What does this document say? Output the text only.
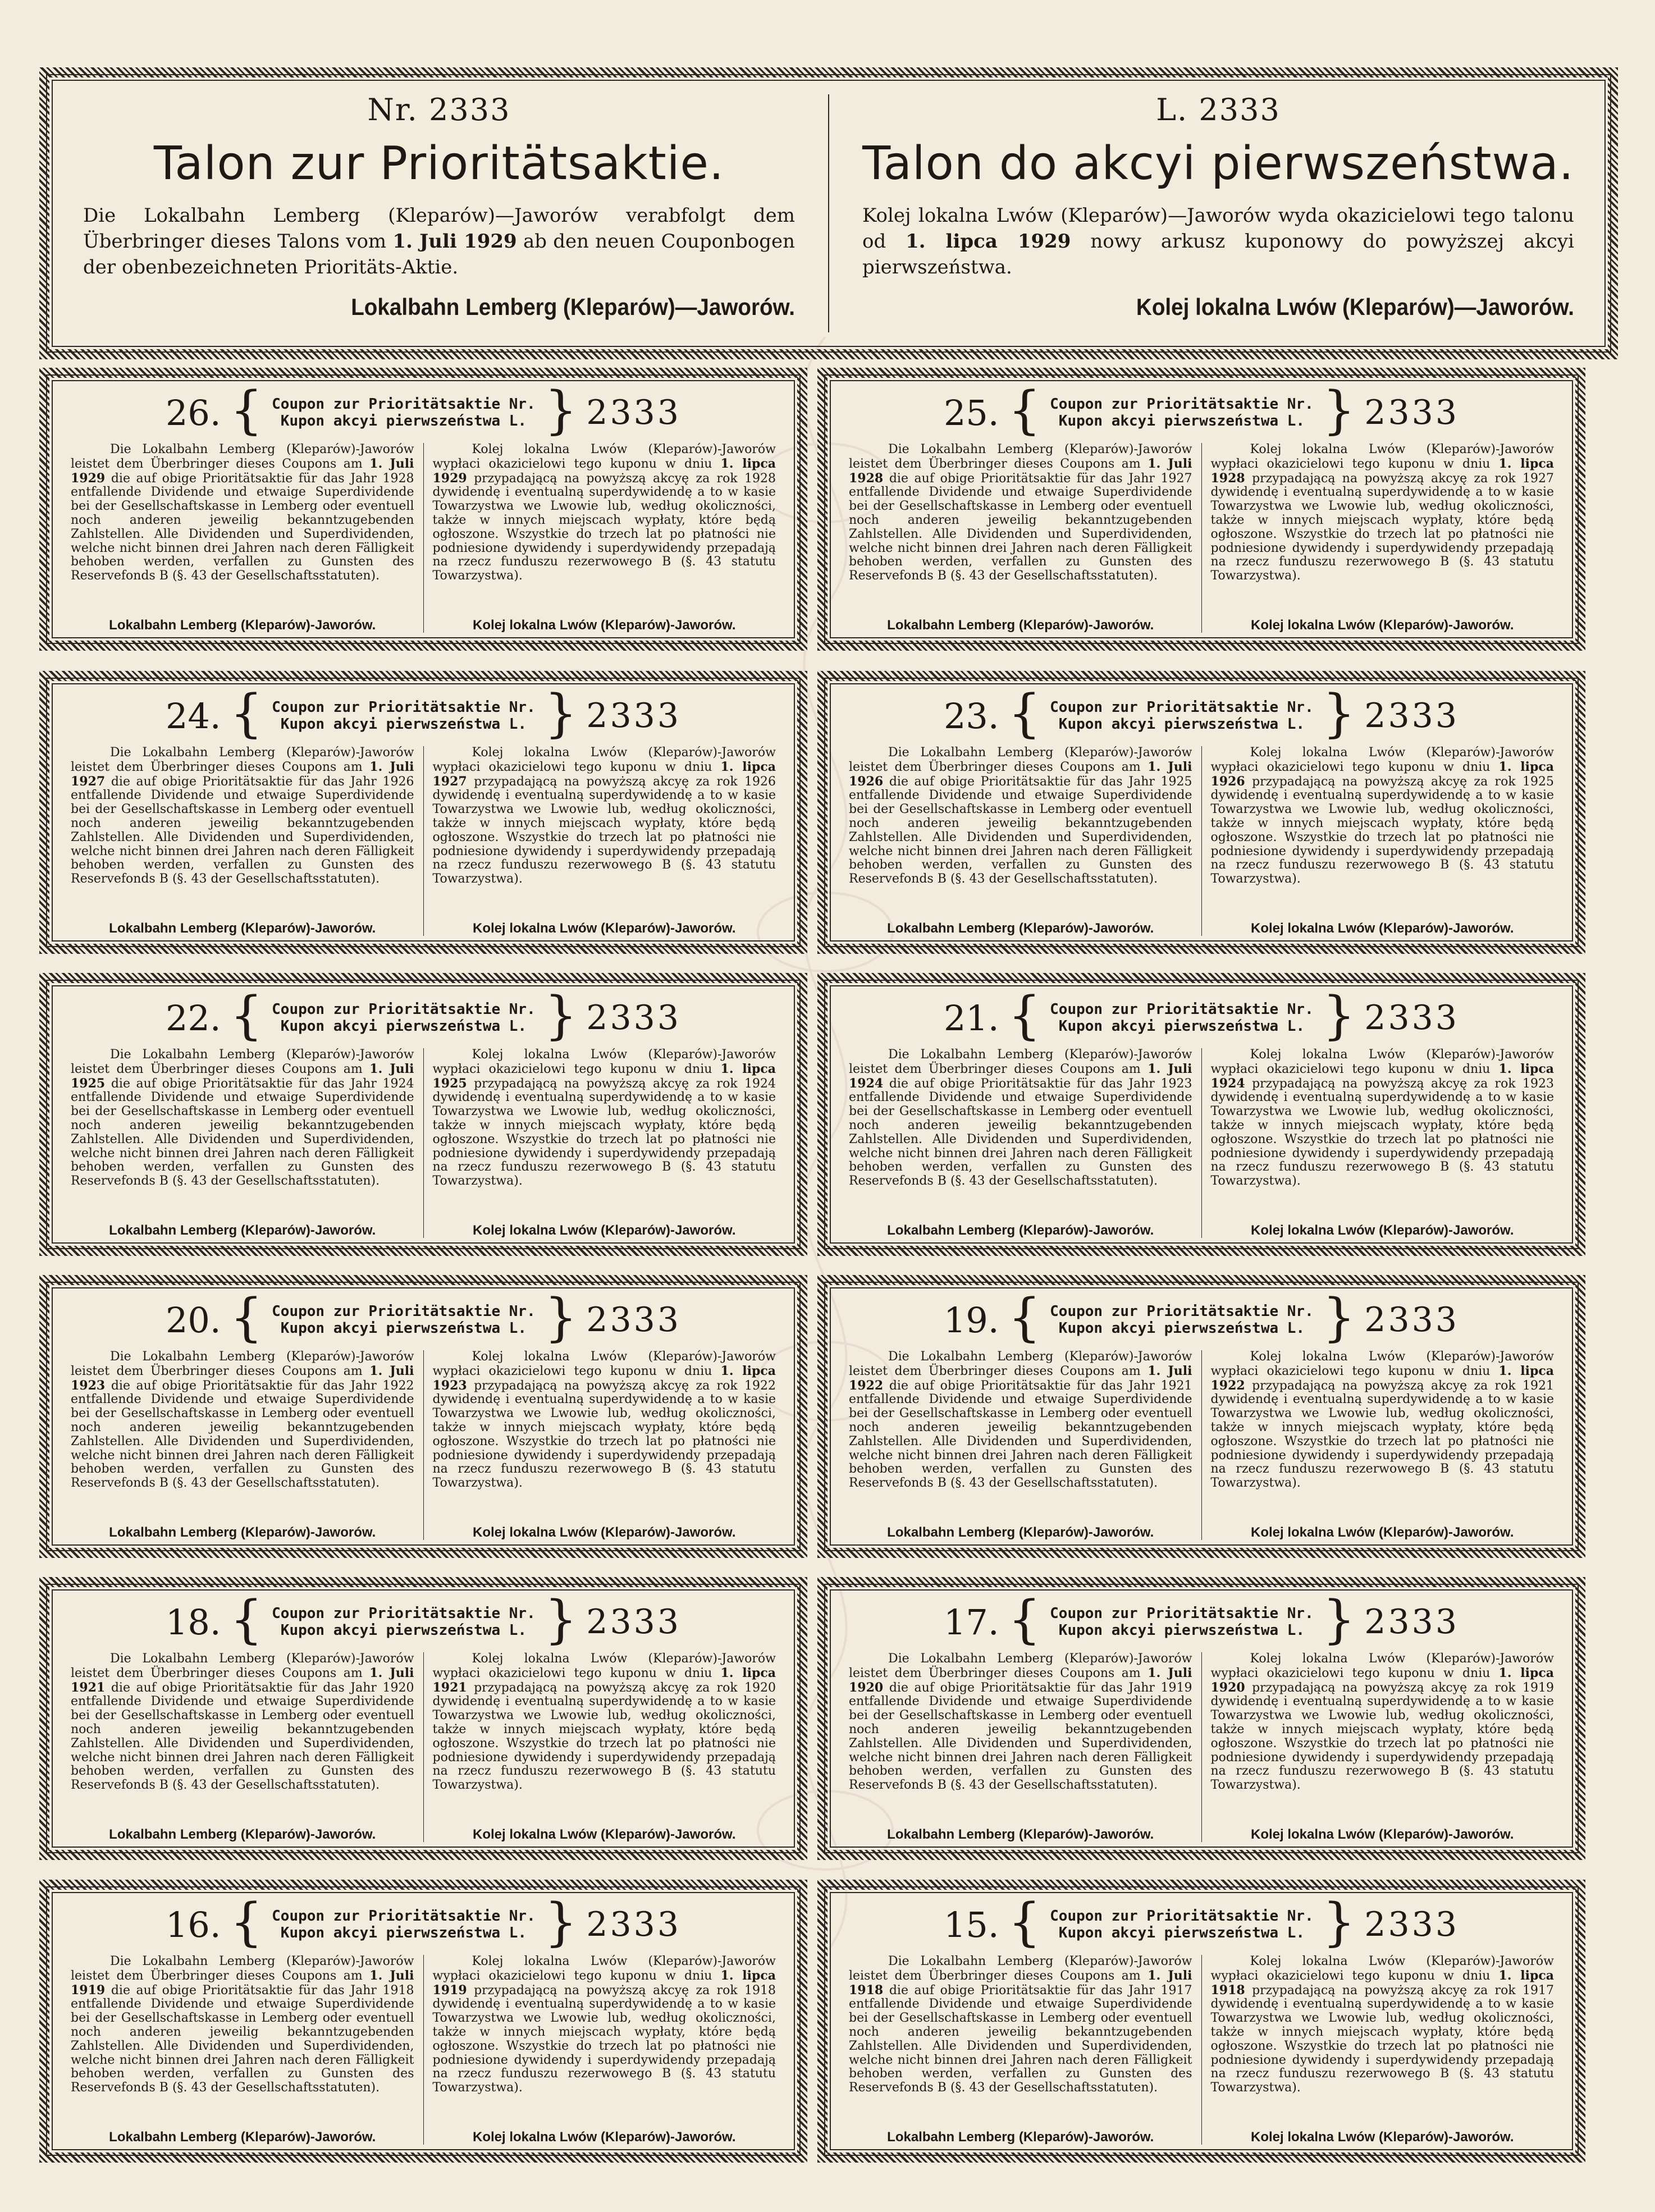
Nr. 2333
Talon zur Prioritätsaktie.
Die Lokalbahn Lemberg (Kleparów)—Jaworów verabfolgt dem Überbringer dieses Talons vom 1. Juli 1929 ab den neuen Couponbogen der obenbezeichneten Prioritäts-Aktie.
Lokalbahn Lemberg (Kleparów)—Jaworów.
L. 2333
Talon do akcyi pierwszeństwa.
Kolej lokalna Lwów (Kleparów)—Jaworów wyda okazicielowi tego talonu od 1. lipca 1929 nowy arkusz kuponowy do powyższej akcyi pierwszeństwa.
Kolej lokalna Lwów (Kleparów)—Jaworów.
26. { Coupon zur Prioritätsaktie Nr.
Kupon akcyi pierwszeństwa L. } 2333

Die Lokalbahn Lemberg (Kleparów)-Jaworów leistet dem Überbringer dieses Coupons am 1. Juli 1929 die auf obige Prioritätsaktie für das Jahr 1928 entfallende Dividende und etwaige Superdividende bei der Gesellschaftskasse in Lemberg oder eventuell noch anderen jeweilig bekanntzugebenden Zahlstellen. Alle Dividenden und Superdividenden, welche nicht binnen drei Jahren nach deren Fälligkeit behoben werden, verfallen zu Gunsten des Reservefonds B (§. 43 der Gesellschaftsstatuten).

Lokalbahn Lemberg (Kleparów)-Jaworów.

Kolej lokalna Lwów (Kleparów)-Jaworów wypłaci okazicielowi tego kuponu w dniu 1. lipca 1929 przypadającą na powyższą akcyę za rok 1928 dywidendę i eventualną superdywidendę a to w kasie Towarzystwa we Lwowie lub, według okoliczności, także w innych miejscach wypłaty, które będą ogłoszone. Wszystkie do trzech lat po płatności nie podniesione dywidendy i superdywidendy przepadają na rzecz funduszu rezerwowego B (§. 43 statutu Towarzystwa).

Kolej lokalna Lwów (Kleparów)-Jaworów.
25. { Coupon zur Prioritätsaktie Nr.
Kupon akcyi pierwszeństwa L. } 2333

Die Lokalbahn Lemberg (Kleparów)-Jaworów leistet dem Überbringer dieses Coupons am 1. Juli 1928 die auf obige Prioritätsaktie für das Jahr 1927 entfallende Dividende und etwaige Superdividende bei der Gesellschaftskasse in Lemberg oder eventuell noch anderen jeweilig bekanntzugebenden Zahlstellen. Alle Dividenden und Superdividenden, welche nicht binnen drei Jahren nach deren Fälligkeit behoben werden, verfallen zu Gunsten des Reservefonds B (§. 43 der Gesellschaftsstatuten).

Lokalbahn Lemberg (Kleparów)-Jaworów.

Kolej lokalna Lwów (Kleparów)-Jaworów wypłaci okazicielowi tego kuponu w dniu 1. lipca 1928 przypadającą na powyższą akcyę za rok 1927 dywidendę i eventualną superdywidendę a to w kasie Towarzystwa we Lwowie lub, według okoliczności, także w innych miejscach wypłaty, które będą ogłoszone. Wszystkie do trzech lat po płatności nie podniesione dywidendy i superdywidendy przepadają na rzecz funduszu rezerwowego B (§. 43 statutu Towarzystwa).

Kolej lokalna Lwów (Kleparów)-Jaworów.
24. { Coupon zur Prioritätsaktie Nr.
Kupon akcyi pierwszeństwa L. } 2333

Die Lokalbahn Lemberg (Kleparów)-Jaworów leistet dem Überbringer dieses Coupons am 1. Juli 1927 die auf obige Prioritätsaktie für das Jahr 1926 entfallende Dividende und etwaige Superdividende bei der Gesellschaftskasse in Lemberg oder eventuell noch anderen jeweilig bekanntzugebenden Zahlstellen. Alle Dividenden und Superdividenden, welche nicht binnen drei Jahren nach deren Fälligkeit behoben werden, verfallen zu Gunsten des Reservefonds B (§. 43 der Gesellschaftsstatuten).

Lokalbahn Lemberg (Kleparów)-Jaworów.

Kolej lokalna Lwów (Kleparów)-Jaworów wypłaci okazicielowi tego kuponu w dniu 1. lipca 1927 przypadającą na powyższą akcyę za rok 1926 dywidendę i eventualną superdywidendę a to w kasie Towarzystwa we Lwowie lub, według okoliczności, także w innych miejscach wypłaty, które będą ogłoszone. Wszystkie do trzech lat po płatności nie podniesione dywidendy i superdywidendy przepadają na rzecz funduszu rezerwowego B (§. 43 statutu Towarzystwa).

Kolej lokalna Lwów (Kleparów)-Jaworów.
23. { Coupon zur Prioritätsaktie Nr.
Kupon akcyi pierwszeństwa L. } 2333

Die Lokalbahn Lemberg (Kleparów)-Jaworów leistet dem Überbringer dieses Coupons am 1. Juli 1926 die auf obige Prioritätsaktie für das Jahr 1925 entfallende Dividende und etwaige Superdividende bei der Gesellschaftskasse in Lemberg oder eventuell noch anderen jeweilig bekanntzugebenden Zahlstellen. Alle Dividenden und Superdividenden, welche nicht binnen drei Jahren nach deren Fälligkeit behoben werden, verfallen zu Gunsten des Reservefonds B (§. 43 der Gesellschaftsstatuten).

Lokalbahn Lemberg (Kleparów)-Jaworów.

Kolej lokalna Lwów (Kleparów)-Jaworów wypłaci okazicielowi tego kuponu w dniu 1. lipca 1926 przypadającą na powyższą akcyę za rok 1925 dywidendę i eventualną superdywidendę a to w kasie Towarzystwa we Lwowie lub, według okoliczności, także w innych miejscach wypłaty, które będą ogłoszone. Wszystkie do trzech lat po płatności nie podniesione dywidendy i superdywidendy przepadają na rzecz funduszu rezerwowego B (§. 43 statutu Towarzystwa).

Kolej lokalna Lwów (Kleparów)-Jaworów.
22. { Coupon zur Prioritätsaktie Nr.
Kupon akcyi pierwszeństwa L. } 2333

Die Lokalbahn Lemberg (Kleparów)-Jaworów leistet dem Überbringer dieses Coupons am 1. Juli 1925 die auf obige Prioritätsaktie für das Jahr 1924 entfallende Dividende und etwaige Superdividende bei der Gesellschaftskasse in Lemberg oder eventuell noch anderen jeweilig bekanntzugebenden Zahlstellen. Alle Dividenden und Superdividenden, welche nicht binnen drei Jahren nach deren Fälligkeit behoben werden, verfallen zu Gunsten des Reservefonds B (§. 43 der Gesellschaftsstatuten).

Lokalbahn Lemberg (Kleparów)-Jaworów.

Kolej lokalna Lwów (Kleparów)-Jaworów wypłaci okazicielowi tego kuponu w dniu 1. lipca 1925 przypadającą na powyższą akcyę za rok 1924 dywidendę i eventualną superdywidendę a to w kasie Towarzystwa we Lwowie lub, według okoliczności, także w innych miejscach wypłaty, które będą ogłoszone. Wszystkie do trzech lat po płatności nie podniesione dywidendy i superdywidendy przepadają na rzecz funduszu rezerwowego B (§. 43 statutu Towarzystwa).

Kolej lokalna Lwów (Kleparów)-Jaworów.
21. { Coupon zur Prioritätsaktie Nr.
Kupon akcyi pierwszeństwa L. } 2333

Die Lokalbahn Lemberg (Kleparów)-Jaworów leistet dem Überbringer dieses Coupons am 1. Juli 1924 die auf obige Prioritätsaktie für das Jahr 1923 entfallende Dividende und etwaige Superdividende bei der Gesellschaftskasse in Lemberg oder eventuell noch anderen jeweilig bekanntzugebenden Zahlstellen. Alle Dividenden und Superdividenden, welche nicht binnen drei Jahren nach deren Fälligkeit behoben werden, verfallen zu Gunsten des Reservefonds B (§. 43 der Gesellschaftsstatuten).

Lokalbahn Lemberg (Kleparów)-Jaworów.

Kolej lokalna Lwów (Kleparów)-Jaworów wypłaci okazicielowi tego kuponu w dniu 1. lipca 1924 przypadającą na powyższą akcyę za rok 1923 dywidendę i eventualną superdywidendę a to w kasie Towarzystwa we Lwowie lub, według okoliczności, także w innych miejscach wypłaty, które będą ogłoszone. Wszystkie do trzech lat po płatności nie podniesione dywidendy i superdywidendy przepadają na rzecz funduszu rezerwowego B (§. 43 statutu Towarzystwa).

Kolej lokalna Lwów (Kleparów)-Jaworów.
20. { Coupon zur Prioritätsaktie Nr.
Kupon akcyi pierwszeństwa L. } 2333

Die Lokalbahn Lemberg (Kleparów)-Jaworów leistet dem Überbringer dieses Coupons am 1. Juli 1923 die auf obige Prioritätsaktie für das Jahr 1922 entfallende Dividende und etwaige Superdividende bei der Gesellschaftskasse in Lemberg oder eventuell noch anderen jeweilig bekanntzugebenden Zahlstellen. Alle Dividenden und Superdividenden, welche nicht binnen drei Jahren nach deren Fälligkeit behoben werden, verfallen zu Gunsten des Reservefonds B (§. 43 der Gesellschaftsstatuten).

Lokalbahn Lemberg (Kleparów)-Jaworów.

Kolej lokalna Lwów (Kleparów)-Jaworów wypłaci okazicielowi tego kuponu w dniu 1. lipca 1923 przypadającą na powyższą akcyę za rok 1922 dywidendę i eventualną superdywidendę a to w kasie Towarzystwa we Lwowie lub, według okoliczności, także w innych miejscach wypłaty, które będą ogłoszone. Wszystkie do trzech lat po płatności nie podniesione dywidendy i superdywidendy przepadają na rzecz funduszu rezerwowego B (§. 43 statutu Towarzystwa).

Kolej lokalna Lwów (Kleparów)-Jaworów.
19. { Coupon zur Prioritätsaktie Nr.
Kupon akcyi pierwszeństwa L. } 2333

Die Lokalbahn Lemberg (Kleparów)-Jaworów leistet dem Überbringer dieses Coupons am 1. Juli 1922 die auf obige Prioritätsaktie für das Jahr 1921 entfallende Dividende und etwaige Superdividende bei der Gesellschaftskasse in Lemberg oder eventuell noch anderen jeweilig bekanntzugebenden Zahlstellen. Alle Dividenden und Superdividenden, welche nicht binnen drei Jahren nach deren Fälligkeit behoben werden, verfallen zu Gunsten des Reservefonds B (§. 43 der Gesellschaftsstatuten).

Lokalbahn Lemberg (Kleparów)-Jaworów.

Kolej lokalna Lwów (Kleparów)-Jaworów wypłaci okazicielowi tego kuponu w dniu 1. lipca 1922 przypadającą na powyższą akcyę za rok 1921 dywidendę i eventualną superdywidendę a to w kasie Towarzystwa we Lwowie lub, według okoliczności, także w innych miejscach wypłaty, które będą ogłoszone. Wszystkie do trzech lat po płatności nie podniesione dywidendy i superdywidendy przepadają na rzecz funduszu rezerwowego B (§. 43 statutu Towarzystwa).

Kolej lokalna Lwów (Kleparów)-Jaworów.
18. { Coupon zur Prioritätsaktie Nr.
Kupon akcyi pierwszeństwa L. } 2333

Die Lokalbahn Lemberg (Kleparów)-Jaworów leistet dem Überbringer dieses Coupons am 1. Juli 1921 die auf obige Prioritätsaktie für das Jahr 1920 entfallende Dividende und etwaige Superdividende bei der Gesellschaftskasse in Lemberg oder eventuell noch anderen jeweilig bekanntzugebenden Zahlstellen. Alle Dividenden und Superdividenden, welche nicht binnen drei Jahren nach deren Fälligkeit behoben werden, verfallen zu Gunsten des Reservefonds B (§. 43 der Gesellschaftsstatuten).

Lokalbahn Lemberg (Kleparów)-Jaworów.

Kolej lokalna Lwów (Kleparów)-Jaworów wypłaci okazicielowi tego kuponu w dniu 1. lipca 1921 przypadającą na powyższą akcyę za rok 1920 dywidendę i eventualną superdywidendę a to w kasie Towarzystwa we Lwowie lub, według okoliczności, także w innych miejscach wypłaty, które będą ogłoszone. Wszystkie do trzech lat po płatności nie podniesione dywidendy i superdywidendy przepadają na rzecz funduszu rezerwowego B (§. 43 statutu Towarzystwa).

Kolej lokalna Lwów (Kleparów)-Jaworów.
17. { Coupon zur Prioritätsaktie Nr.
Kupon akcyi pierwszeństwa L. } 2333

Die Lokalbahn Lemberg (Kleparów)-Jaworów leistet dem Überbringer dieses Coupons am 1. Juli 1920 die auf obige Prioritätsaktie für das Jahr 1919 entfallende Dividende und etwaige Superdividende bei der Gesellschaftskasse in Lemberg oder eventuell noch anderen jeweilig bekanntzugebenden Zahlstellen. Alle Dividenden und Superdividenden, welche nicht binnen drei Jahren nach deren Fälligkeit behoben werden, verfallen zu Gunsten des Reservefonds B (§. 43 der Gesellschaftsstatuten).

Lokalbahn Lemberg (Kleparów)-Jaworów.

Kolej lokalna Lwów (Kleparów)-Jaworów wypłaci okazicielowi tego kuponu w dniu 1. lipca 1920 przypadającą na powyższą akcyę za rok 1919 dywidendę i eventualną superdywidendę a to w kasie Towarzystwa we Lwowie lub, według okoliczności, także w innych miejscach wypłaty, które będą ogłoszone. Wszystkie do trzech lat po płatności nie podniesione dywidendy i superdywidendy przepadają na rzecz funduszu rezerwowego B (§. 43 statutu Towarzystwa).

Kolej lokalna Lwów (Kleparów)-Jaworów.
16. { Coupon zur Prioritätsaktie Nr.
Kupon akcyi pierwszeństwa L. } 2333

Die Lokalbahn Lemberg (Kleparów)-Jaworów leistet dem Überbringer dieses Coupons am 1. Juli 1919 die auf obige Prioritätsaktie für das Jahr 1918 entfallende Dividende und etwaige Superdividende bei der Gesellschaftskasse in Lemberg oder eventuell noch anderen jeweilig bekanntzugebenden Zahlstellen. Alle Dividenden und Superdividenden, welche nicht binnen drei Jahren nach deren Fälligkeit behoben werden, verfallen zu Gunsten des Reservefonds B (§. 43 der Gesellschaftsstatuten).

Lokalbahn Lemberg (Kleparów)-Jaworów.

Kolej lokalna Lwów (Kleparów)-Jaworów wypłaci okazicielowi tego kuponu w dniu 1. lipca 1919 przypadającą na powyższą akcyę za rok 1918 dywidendę i eventualną superdywidendę a to w kasie Towarzystwa we Lwowie lub, według okoliczności, także w innych miejscach wypłaty, które będą ogłoszone. Wszystkie do trzech lat po płatności nie podniesione dywidendy i superdywidendy przepadają na rzecz funduszu rezerwowego B (§. 43 statutu Towarzystwa).

Kolej lokalna Lwów (Kleparów)-Jaworów.
15. { Coupon zur Prioritätsaktie Nr.
Kupon akcyi pierwszeństwa L. } 2333

Die Lokalbahn Lemberg (Kleparów)-Jaworów leistet dem Überbringer dieses Coupons am 1. Juli 1918 die auf obige Prioritätsaktie für das Jahr 1917 entfallende Dividende und etwaige Superdividende bei der Gesellschaftskasse in Lemberg oder eventuell noch anderen jeweilig bekanntzugebenden Zahlstellen. Alle Dividenden und Superdividenden, welche nicht binnen drei Jahren nach deren Fälligkeit behoben werden, verfallen zu Gunsten des Reservefonds B (§. 43 der Gesellschaftsstatuten).

Lokalbahn Lemberg (Kleparów)-Jaworów.

Kolej lokalna Lwów (Kleparów)-Jaworów wypłaci okazicielowi tego kuponu w dniu 1. lipca 1918 przypadającą na powyższą akcyę za rok 1917 dywidendę i eventualną superdywidendę a to w kasie Towarzystwa we Lwowie lub, według okoliczności, także w innych miejscach wypłaty, które będą ogłoszone. Wszystkie do trzech lat po płatności nie podniesione dywidendy i superdywidendy przepadają na rzecz funduszu rezerwowego B (§. 43 statutu Towarzystwa).

Kolej lokalna Lwów (Kleparów)-Jaworów.
